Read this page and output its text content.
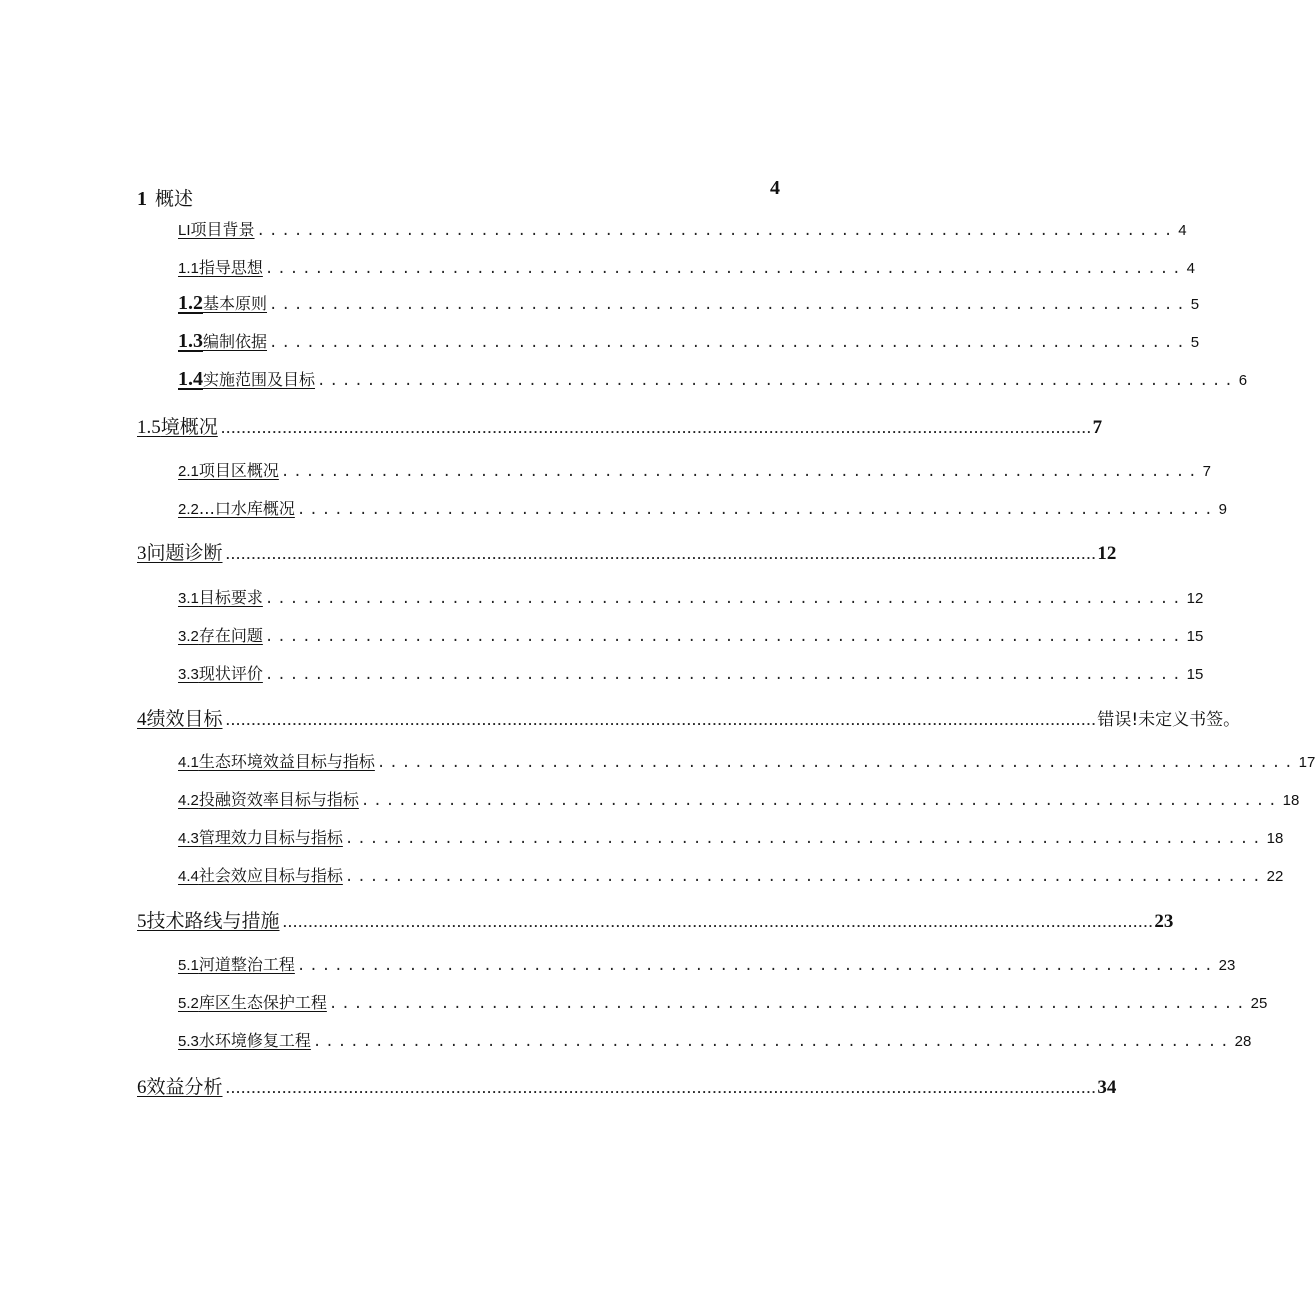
4
1 概述
LI 项目背景 .......................................................................... 4
1.1 指导思想 .......................................................................... 4
1.2 基本原则 .......................................................................... 5
1.3 编制依据 .......................................................................... 5
1.4 实施范围及目标 .......................................................................... 6
1.5 境概况 .......................................................................................................................................................................... 7
2.1 项目区概况 .......................................................................... 7
2.2 …口水库概况 .......................................................................... 9
3 问题诊断 .......................................................................................................................................................................... 12
3.1 目标要求 .......................................................................... 12
3.2 存在问题 .......................................................................... 15
3.3 现状评价 .......................................................................... 15
4 绩效目标 .......................................................................................................................................................................... 错误!未定义书签。
4.1 生态环境效益目标与指标 .......................................................................... 17
4.2 投融资效率目标与指标 .......................................................................... 18
4.3 管理效力目标与指标 .......................................................................... 18
4.4 社会效应目标与指标 .......................................................................... 22
5 技术路线与措施 .......................................................................................................................................................................... 23
5.1 河道整治工程 .......................................................................... 23
5.2 库区生态保护工程 .......................................................................... 25
5.3 水环境修复工程 .......................................................................... 28
6 效益分析 .......................................................................................................................................................................... 34
